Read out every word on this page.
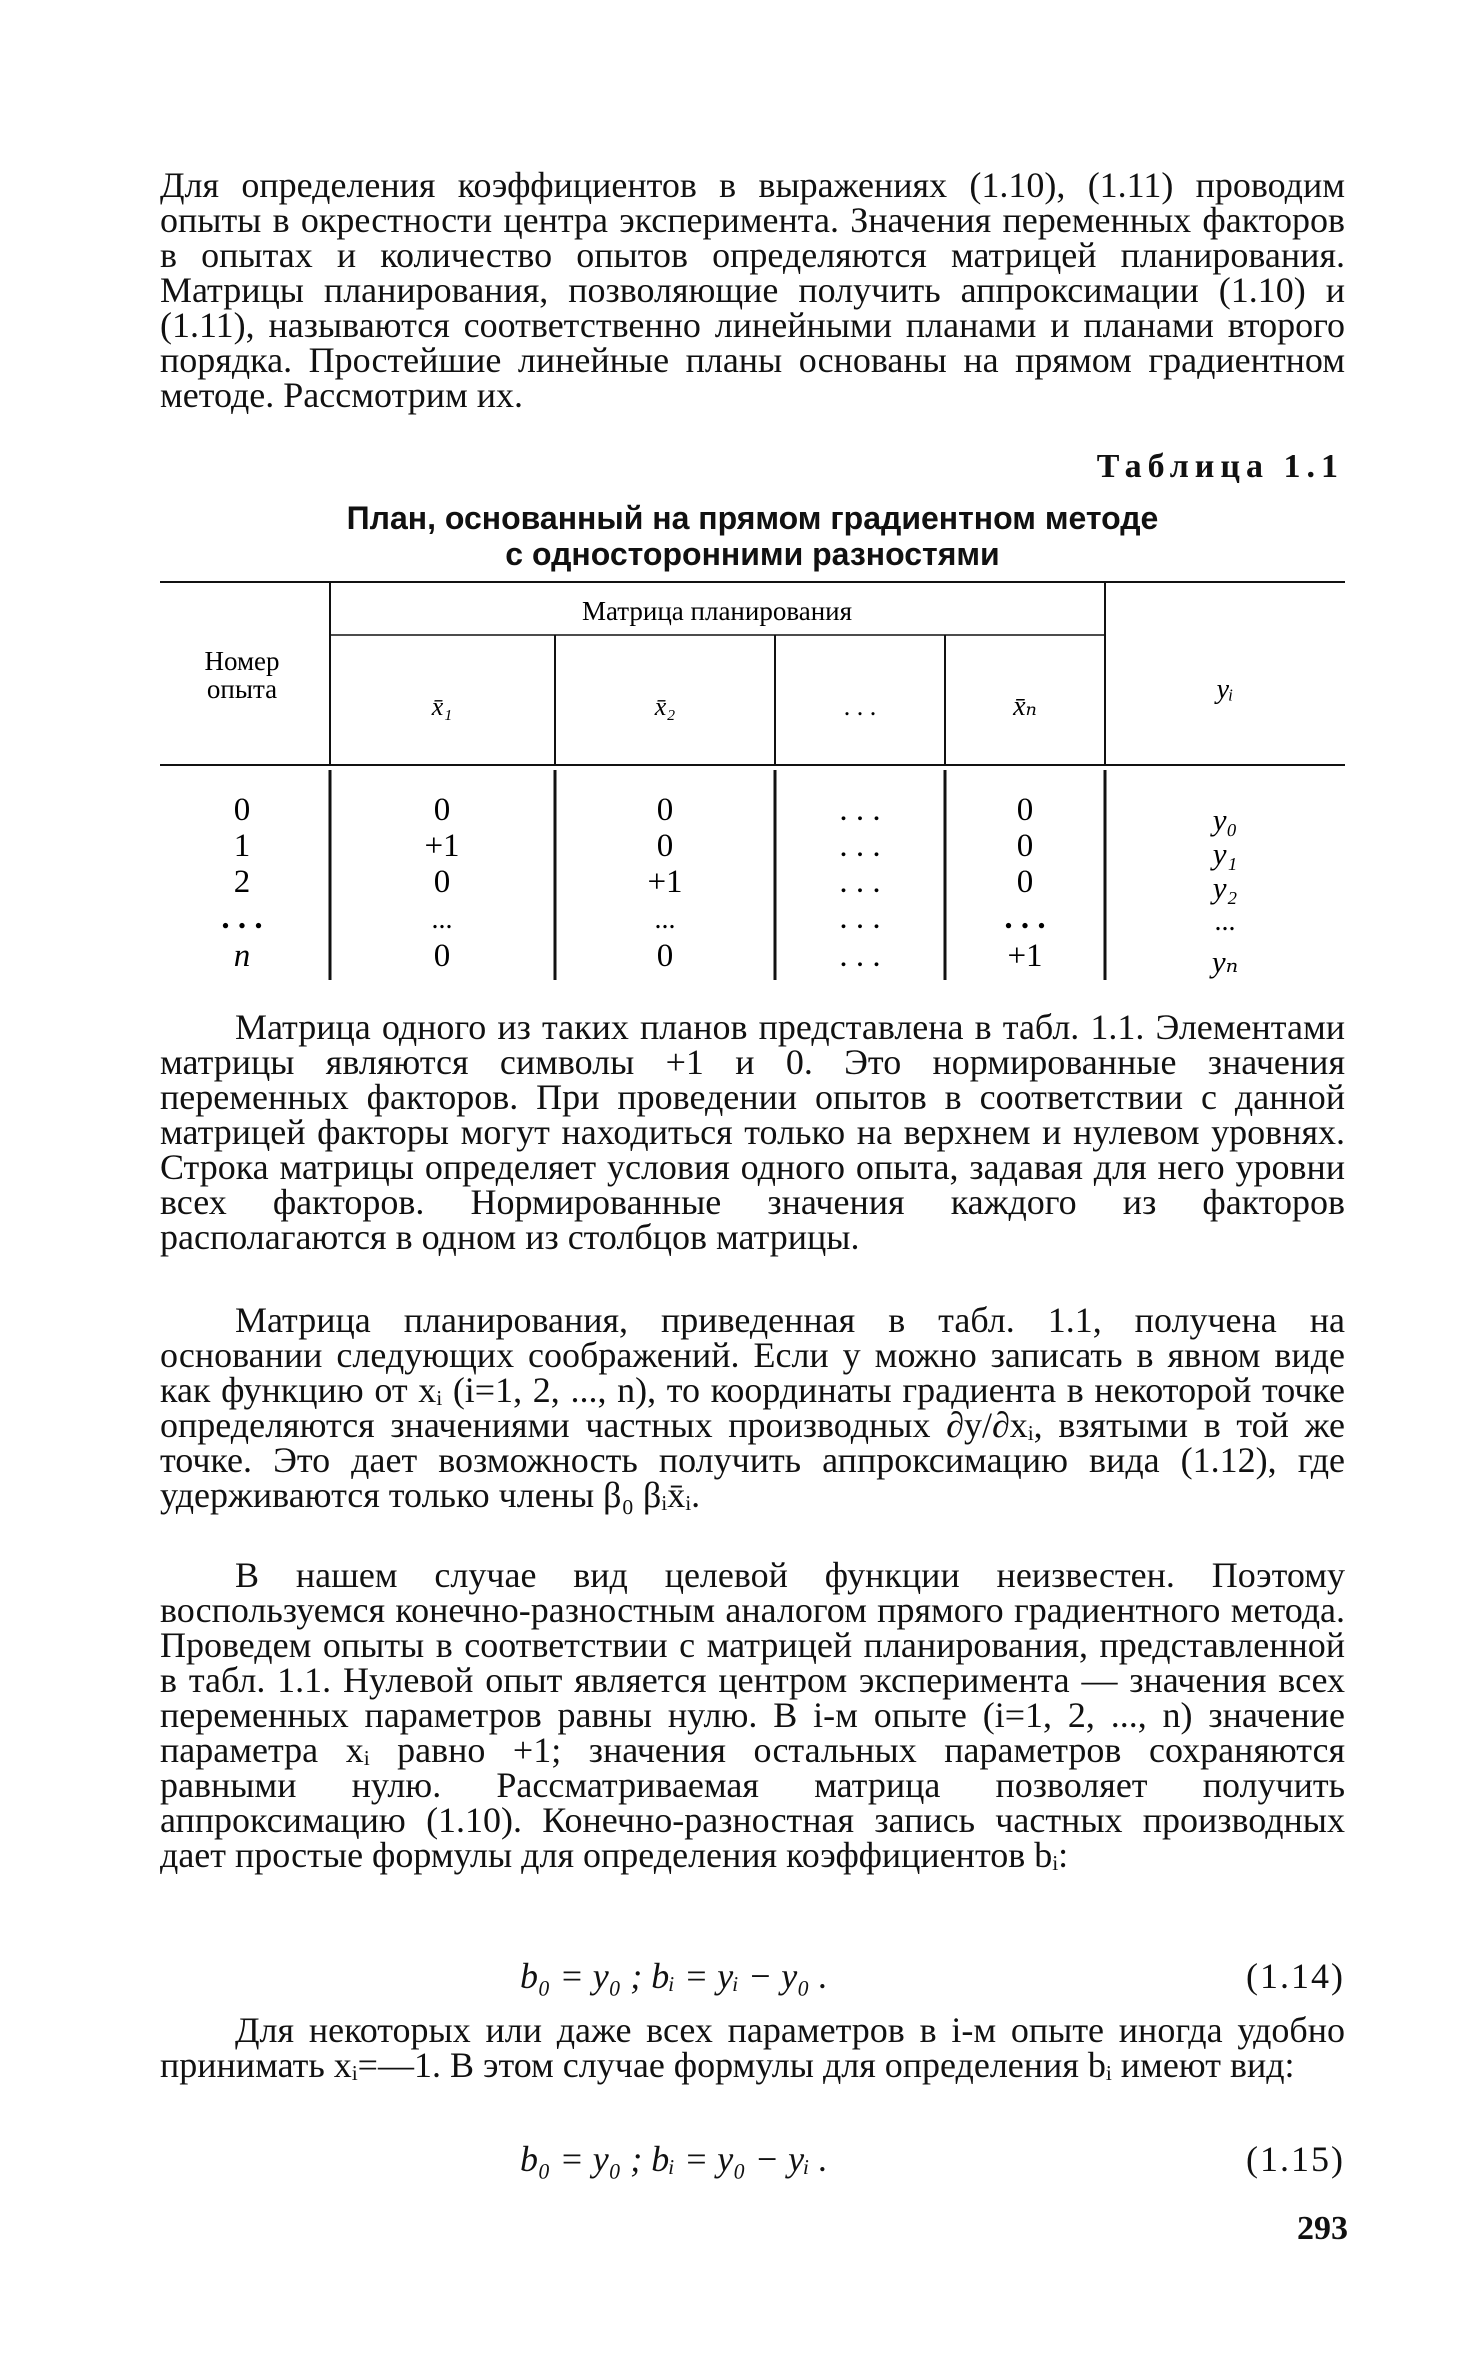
Для определения коэффициентов в выражениях (1.10), (1.11) проводим опыты в окрестности центра эксперимента. Значения переменных факторов в опытах и количество опытов определяются матрицей планирования. Матрицы планирования, позволяющие получить аппроксимации (1.10) и (1.11), называются соответственно линейными планами и планами второго порядка. Простейшие линейные планы основаны на прямом градиентном методе. Рассмотрим их.

Таблица 1.1
План, основанный на прямом градиентном методе
с односторонними разностями
Номер
опыта
Матрица планирования
x̄₁	x̄₂	. . .	x̄ₙ
yᵢ
0	0	0	. . .	0	y₀
1	+1	0	. . .	0	y₁
2	0	+1	. . .	0	y₂
. . .	...	...	. . .	. . .	...
n	0	0	. . .	+1	yₙ

Матрица одного из таких планов представлена в табл. 1.1. Элементами матрицы являются символы +1 и 0. Это нормированные значения переменных факторов. При проведении опытов в соответствии с данной матрицей факторы могут находиться только на верхнем и нулевом уровнях. Строка матрицы определяет условия одного опыта, задавая для него уровни всех факторов. Нормированные значения каждого из факторов располагаются в одном из столбцов матрицы.

Матрица планирования, приведенная в табл. 1.1, получена на основании следующих соображений. Если y можно записать в явном виде как функцию от xᵢ (i=1, 2, ..., n), то координаты градиента в некоторой точке определяются значениями частных производных ∂y/∂xᵢ, взятыми в той же точке. Это дает возможность получить аппроксимацию вида (1.12), где удерживаются только члены β₀ βᵢx̄ᵢ.

В нашем случае вид целевой функции неизвестен. Поэтому воспользуемся конечно-разностным аналогом прямого градиентного метода. Проведем опыты в соответствии с матрицей планирования, представленной в табл. 1.1. Нулевой опыт является центром эксперимента — значения всех переменных параметров равны нулю. В i-м опыте (i=1, 2, ..., n) значение параметра xᵢ равно +1; значения остальных параметров сохраняются равными нулю. Рассматриваемая матрица позволяет получить аппроксимацию (1.10). Конечно-разностная запись частных производных дает простые формулы для определения коэффициентов bᵢ:

b₀ = y₀ ; bᵢ = yᵢ − y₀ .	(1.14)

Для некоторых или даже всех параметров в i-м опыте иногда удобно принимать xᵢ=—1. В этом случае формулы для определения bᵢ имеют вид:

b₀ = y₀ ; bᵢ = y₀ − yᵢ .	(1.15)
293
